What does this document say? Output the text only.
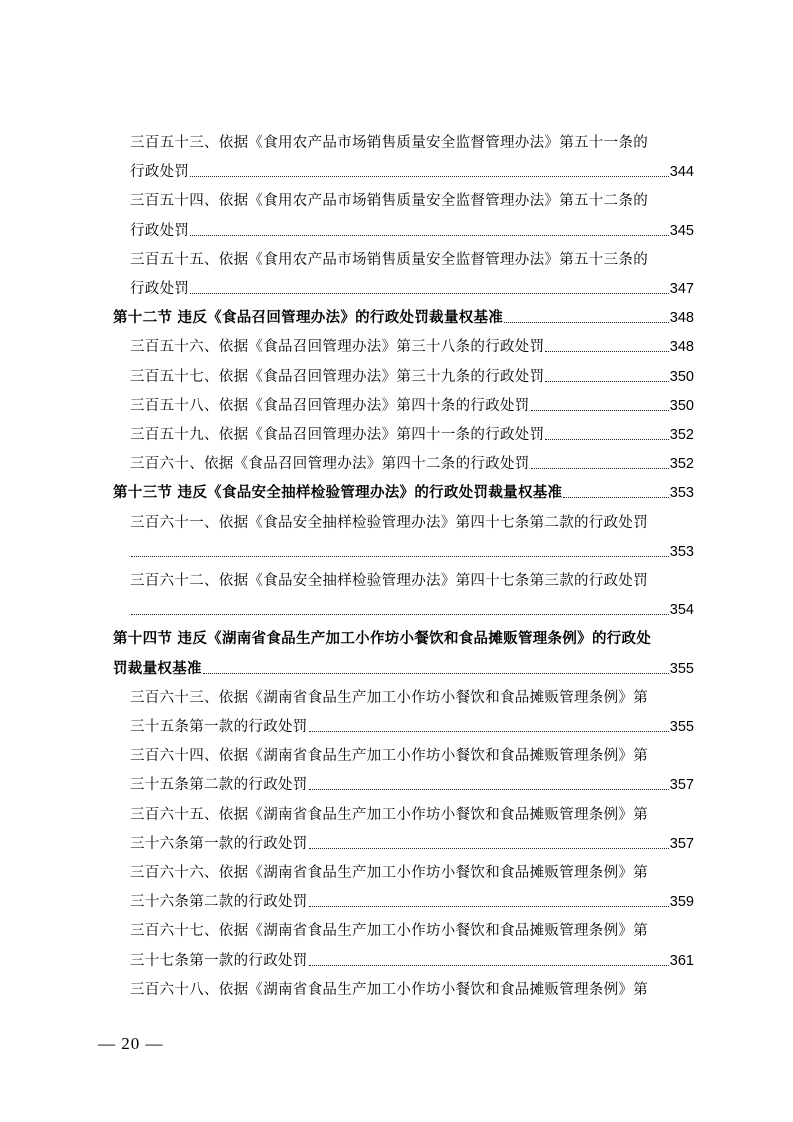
三百五十三、依据《食用农产品市场销售质量安全监督管理办法》第五十一条的
行政处罚	344
三百五十四、依据《食用农产品市场销售质量安全监督管理办法》第五十二条的
行政处罚	345
三百五十五、依据《食用农产品市场销售质量安全监督管理办法》第五十三条的
行政处罚	347
第十二节 违反《食品召回管理办法》的行政处罚裁量权基准	348
三百五十六、依据《食品召回管理办法》第三十八条的行政处罚	348
三百五十七、依据《食品召回管理办法》第三十九条的行政处罚	350
三百五十八、依据《食品召回管理办法》第四十条的行政处罚	350
三百五十九、依据《食品召回管理办法》第四十一条的行政处罚	352
三百六十、依据《食品召回管理办法》第四十二条的行政处罚	352
第十三节 违反《食品安全抽样检验管理办法》的行政处罚裁量权基准	353
三百六十一、依据《食品安全抽样检验管理办法》第四十七条第二款的行政处罚
353
三百六十二、依据《食品安全抽样检验管理办法》第四十七条第三款的行政处罚
354
第十四节 违反《湖南省食品生产加工小作坊小餐饮和食品摊贩管理条例》的行政处
罚裁量权基准	355
三百六十三、依据《湖南省食品生产加工小作坊小餐饮和食品摊贩管理条例》第
三十五条第一款的行政处罚	355
三百六十四、依据《湖南省食品生产加工小作坊小餐饮和食品摊贩管理条例》第
三十五条第二款的行政处罚	357
三百六十五、依据《湖南省食品生产加工小作坊小餐饮和食品摊贩管理条例》第
三十六条第一款的行政处罚	357
三百六十六、依据《湖南省食品生产加工小作坊小餐饮和食品摊贩管理条例》第
三十六条第二款的行政处罚	359
三百六十七、依据《湖南省食品生产加工小作坊小餐饮和食品摊贩管理条例》第
三十七条第一款的行政处罚	361
三百六十八、依据《湖南省食品生产加工小作坊小餐饮和食品摊贩管理条例》第
— 20 —
